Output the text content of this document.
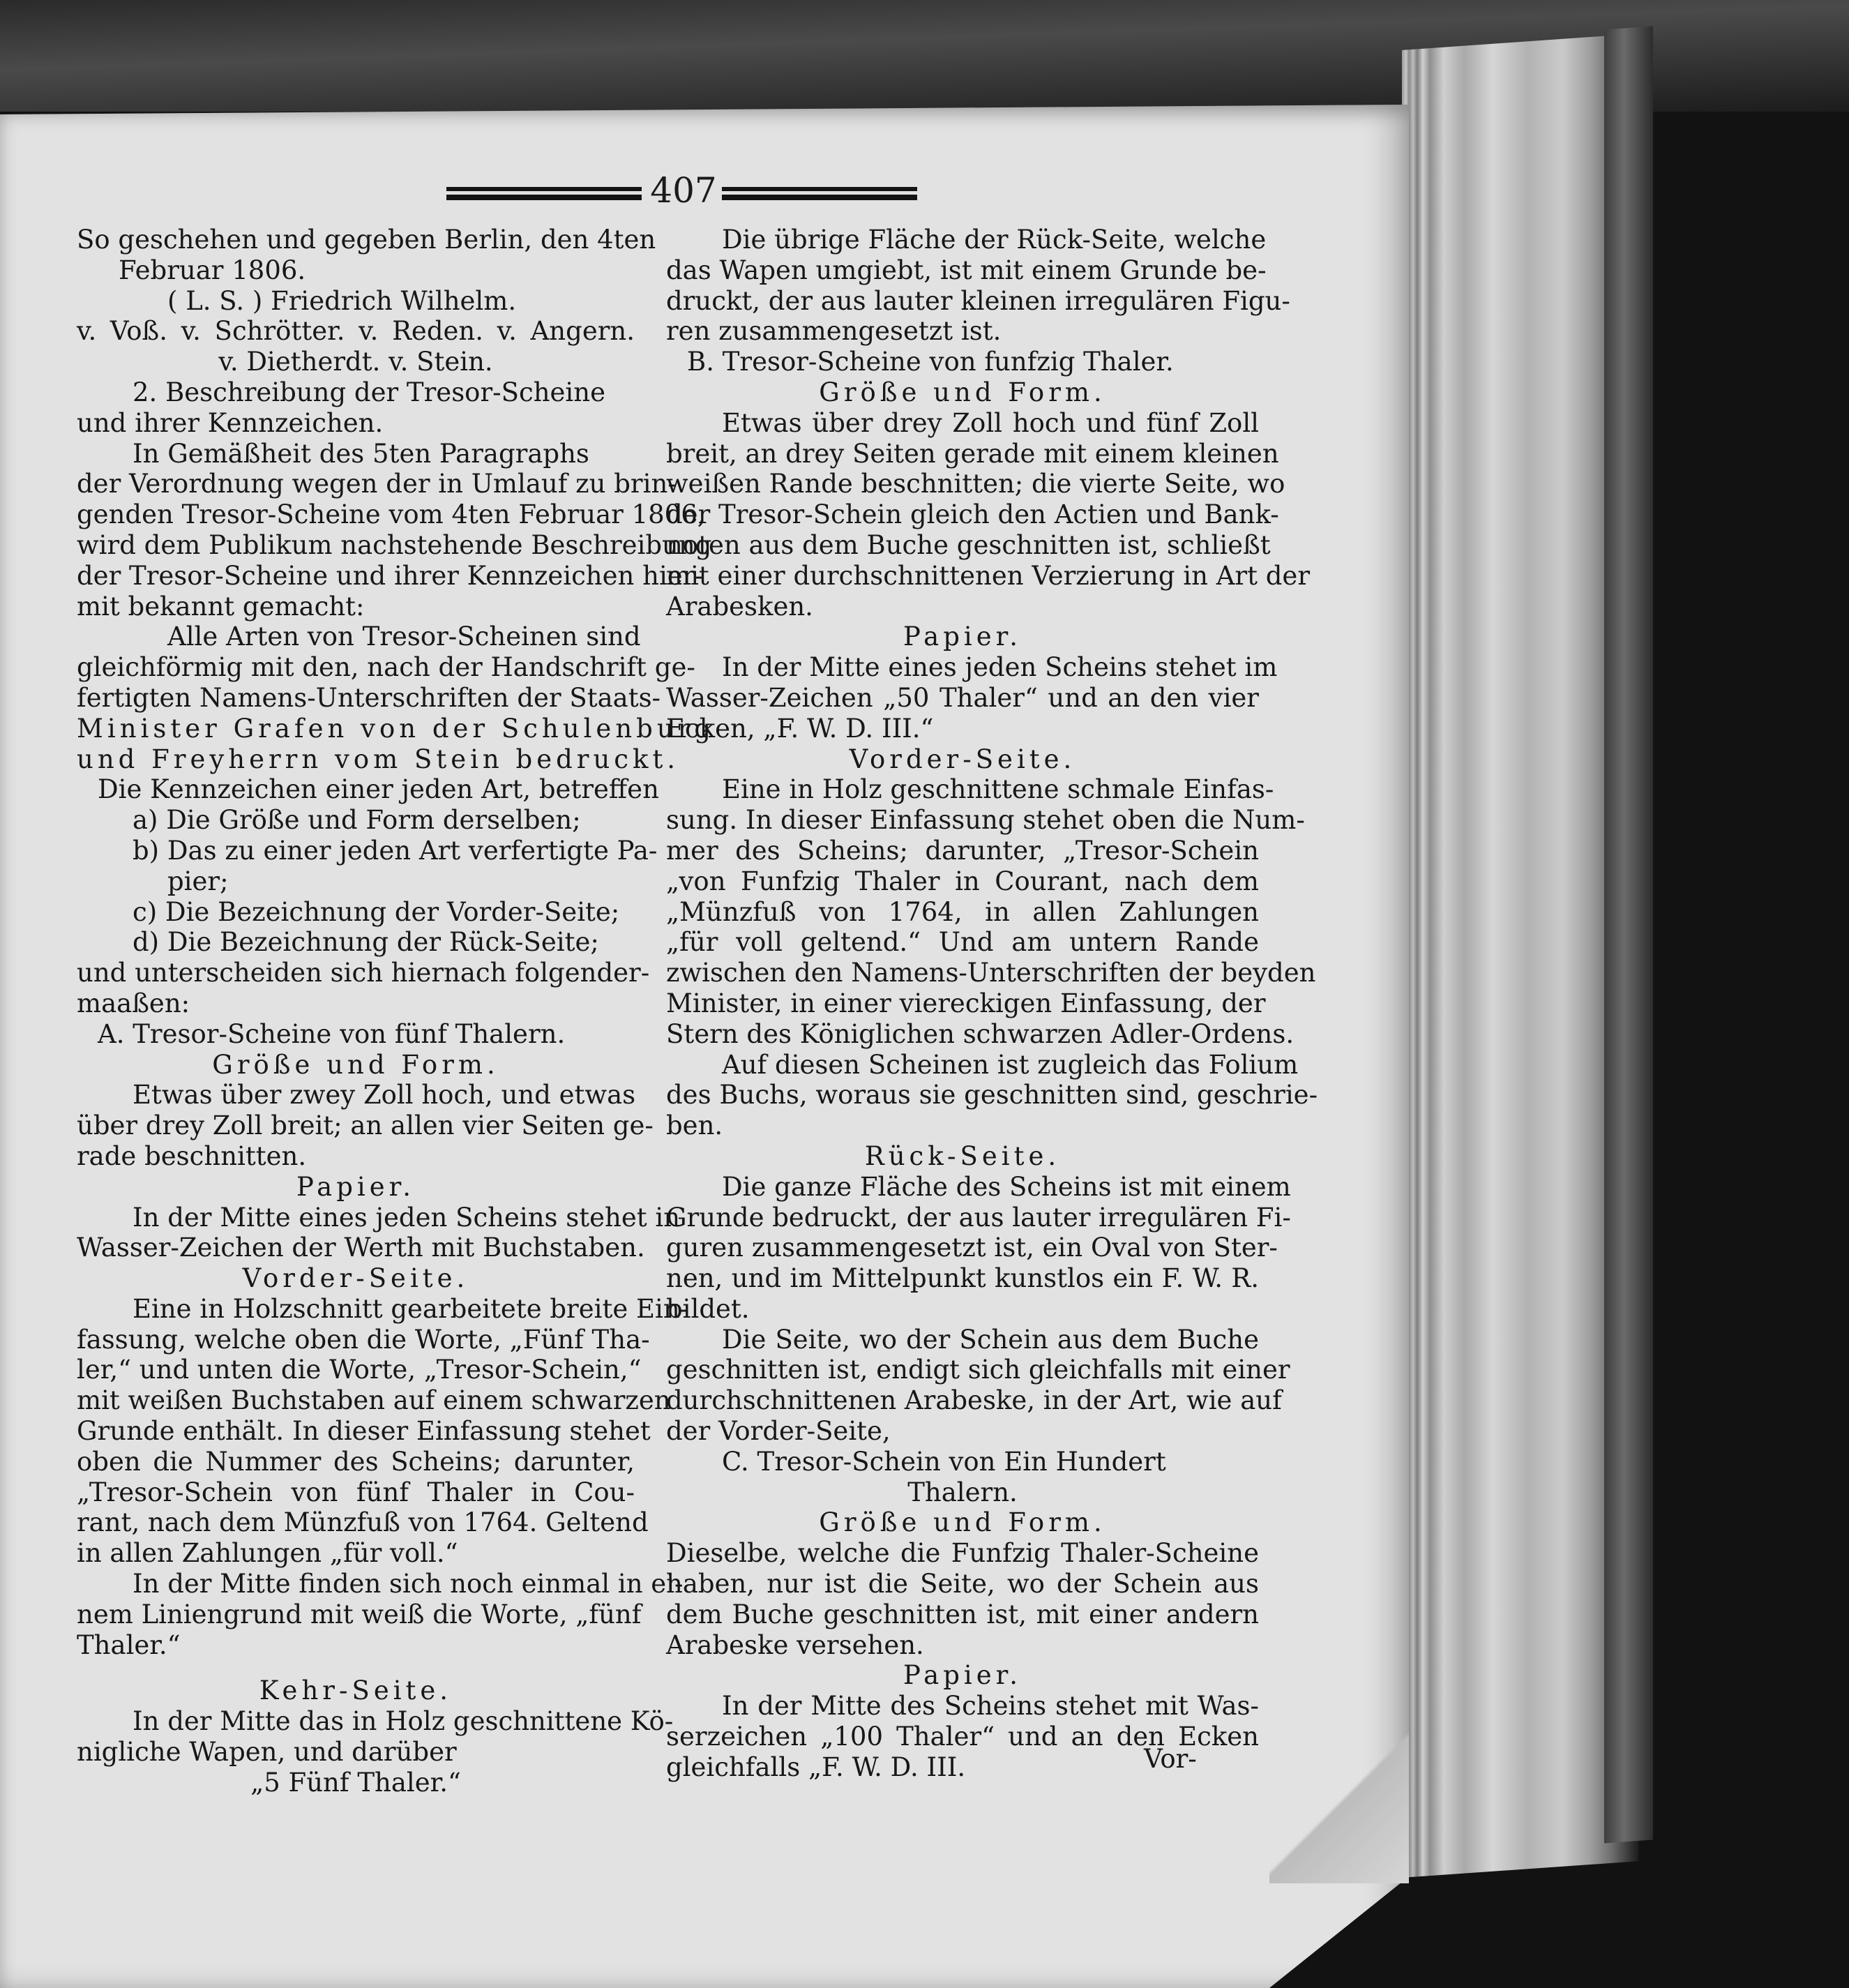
407
So geschehen und gegeben Berlin, den 4ten
Februar 1806.
( L. S. ) Friedrich Wilhelm.
v. Voß. v. Schrötter. v. Reden. v. Angern.
v. Dietherdt. v. Stein.
2. Beschreibung der Tresor-Scheine
und ihrer Kennzeichen.
In Gemäßheit des 5ten Paragraphs
der Verordnung wegen der in Umlauf zu brin-
genden Tresor-Scheine vom 4ten Februar 1806,
wird dem Publikum nachstehende Beschreibung
der Tresor-Scheine und ihrer Kennzeichen hier-
mit bekannt gemacht:
Alle Arten von Tresor-Scheinen sind
gleichförmig mit den, nach der Handschrift ge-
fertigten Namens-Unterschriften der Staats-
Minister Grafen von der Schulenburg
und Freyherrn vom Stein bedruckt.
Die Kennzeichen einer jeden Art, betreffen
a) Die Größe und Form derselben;
b) Das zu einer jeden Art verfertigte Pa-
pier;
c) Die Bezeichnung der Vorder-Seite;
d) Die Bezeichnung der Rück-Seite;
und unterscheiden sich hiernach folgender-
maaßen:
A. Tresor-Scheine von fünf Thalern.
Größe und Form.
Etwas über zwey Zoll hoch, und etwas
über drey Zoll breit; an allen vier Seiten ge-
rade beschnitten.
Papier.
In der Mitte eines jeden Scheins stehet in
Wasser-Zeichen der Werth mit Buchstaben.
Vorder-Seite.
Eine in Holzschnitt gearbeitete breite Ein-
fassung, welche oben die Worte, „Fünf Tha-
ler,“ und unten die Worte, „Tresor-Schein,“
mit weißen Buchstaben auf einem schwarzen
Grunde enthält. In dieser Einfassung stehet
oben die Nummer des Scheins; darunter,
„Tresor-Schein von fünf Thaler in Cou-
rant, nach dem Münzfuß von 1764. Geltend
in allen Zahlungen „für voll.“
In der Mitte finden sich noch einmal in ei-
nem Liniengrund mit weiß die Worte, „fünf
Thaler.“
Kehr-Seite.
In der Mitte das in Holz geschnittene Kö-
nigliche Wapen, und darüber
„5 Fünf Thaler.“
Die übrige Fläche der Rück-Seite, welche
das Wapen umgiebt, ist mit einem Grunde be-
druckt, der aus lauter kleinen irregulären Figu-
ren zusammengesetzt ist.
B. Tresor-Scheine von funfzig Thaler.
Größe und Form.
Etwas über drey Zoll hoch und fünf Zoll
breit, an drey Seiten gerade mit einem kleinen
weißen Rande beschnitten; die vierte Seite, wo
der Tresor-Schein gleich den Actien und Bank-
noten aus dem Buche geschnitten ist, schließt
mit einer durchschnittenen Verzierung in Art der
Arabesken.
Papier.
In der Mitte eines jeden Scheins stehet im
Wasser-Zeichen „50 Thaler“ und an den vier
Ecken, „F. W. D. III.“
Vorder-Seite.
Eine in Holz geschnittene schmale Einfas-
sung. In dieser Einfassung stehet oben die Num-
mer des Scheins; darunter, „Tresor-Schein
„von Funfzig Thaler in Courant, nach dem
„Münzfuß von 1764, in allen Zahlungen
„für voll geltend.“ Und am untern Rande
zwischen den Namens-Unterschriften der beyden
Minister, in einer viereckigen Einfassung, der
Stern des Königlichen schwarzen Adler-Ordens.
Auf diesen Scheinen ist zugleich das Folium
des Buchs, woraus sie geschnitten sind, geschrie-
ben.
Rück-Seite.
Die ganze Fläche des Scheins ist mit einem
Grunde bedruckt, der aus lauter irregulären Fi-
guren zusammengesetzt ist, ein Oval von Ster-
nen, und im Mittelpunkt kunstlos ein F. W. R.
bildet.
Die Seite, wo der Schein aus dem Buche
geschnitten ist, endigt sich gleichfalls mit einer
durchschnittenen Arabeske, in der Art, wie auf
der Vorder-Seite,
C. Tresor-Schein von Ein Hundert
Thalern.
Größe und Form.
Dieselbe, welche die Funfzig Thaler-Scheine
haben, nur ist die Seite, wo der Schein aus
dem Buche geschnitten ist, mit einer andern
Arabeske versehen.
Papier.
In der Mitte des Scheins stehet mit Was-
serzeichen „100 Thaler“ und an den Ecken
gleichfalls „F. W. D. III.	Vor-
